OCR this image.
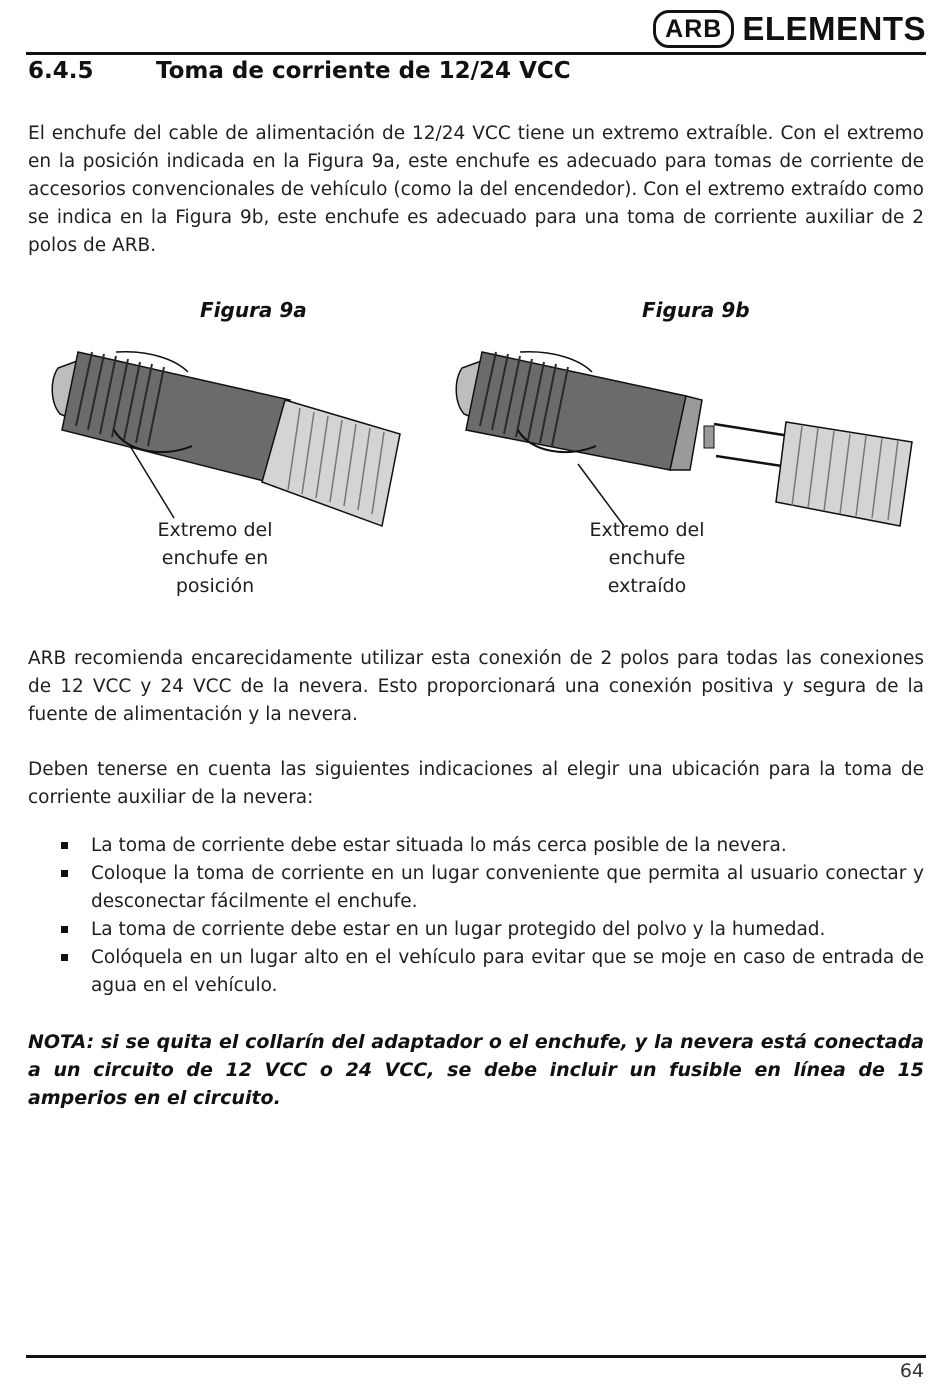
ARB ELEMENTS
6.4.5	Toma de corriente de 12/24 VCC

El enchufe del cable de alimentación de 12/24 VCC tiene un extremo extraíble. Con el extremo en la posición indicada en la Figura 9a, este enchufe es adecuado para tomas de corriente de accesorios convencionales de vehículo (como la del encendedor). Con el extremo extraído como se indica en la Figura 9b, este enchufe es adecuado para una toma de corriente auxiliar de 2 polos de ARB.

Figura 9a	Figura 9b

Extremo del
enchufe en
posición
Extremo del
enchufe
extraído

ARB recomienda encarecidamente utilizar esta conexión de 2 polos para todas las conexiones de 12 VCC y 24 VCC de la nevera. Esto proporcionará una conexión positiva y segura de la fuente de alimentación y la nevera.

Deben tenerse en cuenta las siguientes indicaciones al elegir una ubicación para la toma de corriente auxiliar de la nevera:

La toma de corriente debe estar situada lo más cerca posible de la nevera.
Coloque la toma de corriente en un lugar conveniente que permita al usuario conectar y desconectar fácilmente el enchufe.
La toma de corriente debe estar en un lugar protegido del polvo y la humedad.
Colóquela en un lugar alto en el vehículo para evitar que se moje en caso de entrada de agua en el vehículo.

NOTA: si se quita el collarín del adaptador o el enchufe, y la nevera está conectada a un circuito de 12 VCC o 24 VCC, se debe incluir un fusible en línea de 15 amperios en el circuito.

64
